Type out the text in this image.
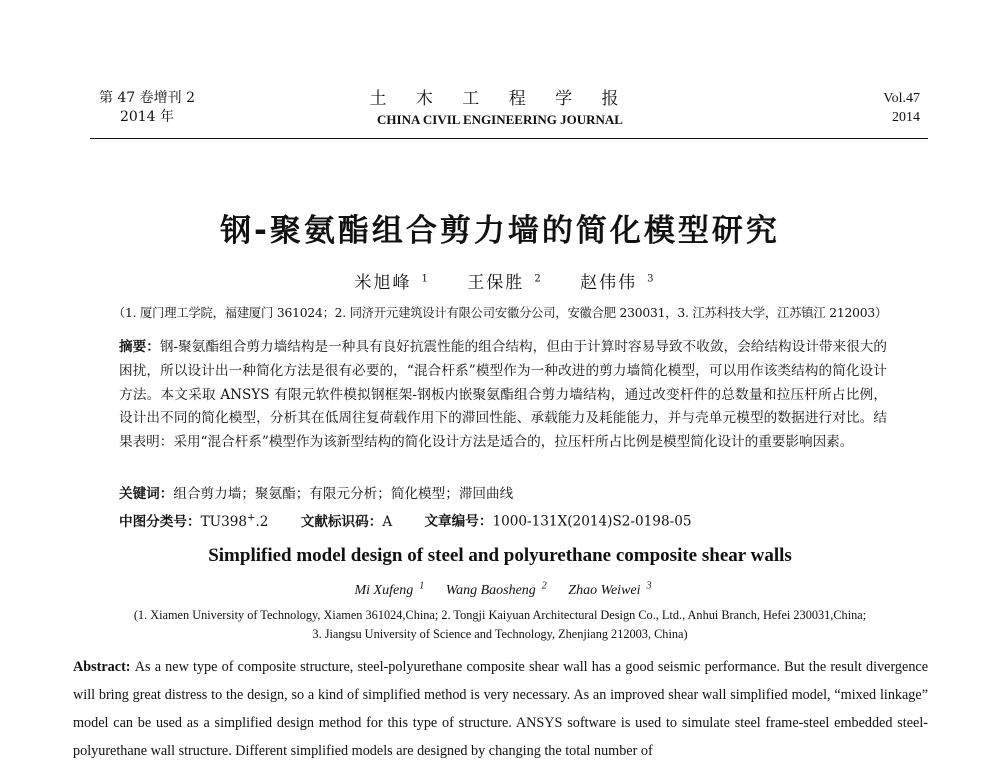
第 47 卷增刊 2
2014 年
土 木 工 程 学 报
CHINA CIVIL ENGINEERING JOURNAL
Vol.47
2014
钢-聚氨酯组合剪力墙的简化模型研究
米旭峰 $^1$ 王保胜 $^2$ 赵伟伟 $^3$
（1. 厦门理工学院，福建厦门 361024；2. 同济开元建筑设计有限公司安徽分公司，安徽合肥 230031，3. 江苏科技大学，江苏镇江 212003）
摘要：钢-聚氨酯组合剪力墙结构是一种具有良好抗震性能的组合结构，但由于计算时容易导致不收敛，会给结构设计带来很大的困扰，所以设计出一种简化方法是很有必要的，“混合杆系”模型作为一种改进的剪力墙简化模型，可以用作该类结构的简化设计方法。本文采取 ANSYS 有限元软件模拟钢框架-钢板内嵌聚氨酯组合剪力墙结构，通过改变杆件的总数量和拉压杆所占比例，设计出不同的简化模型，分析其在低周往复荷载作用下的滞回性能、承载能力及耗能能力，并与壳单元模型的数据进行对比。结果表明：采用“混合杆系”模型作为该新型结构的简化设计方法是适合的，拉压杆所占比例是模型简化设计的重要影响因素。
关键词：组合剪力墙；聚氨酯；有限元分析；简化模型；滞回曲线
中图分类号：TU398+.2 文献标识码：A 文章编号：1000-131X(2014)S2-0198-05
Simplified model design of steel and polyurethane composite shear walls
Mi Xufeng $^1$ Wang Baosheng $^2$ Zhao Weiwei $^3$
(1. Xiamen University of Technology, Xiamen 361024,China; 2. Tongji Kaiyuan Architectural Design Co., Ltd., Anhui Branch, Hefei 230031,China;
3. Jiangsu University of Science and Technology, Zhenjiang 212003, China)
Abstract: As a new type of composite structure, steel-polyurethane composite shear wall has a good seismic performance. But the result divergence will bring great distress to the design, so a kind of simplified method is very necessary. As an improved shear wall simplified model, “mixed linkage” model can be used as a simplified design method for this type of structure. ANSYS software is used to simulate steel frame-steel embedded steel-polyurethane wall structure. Different simplified models are designed by changing the total number of
